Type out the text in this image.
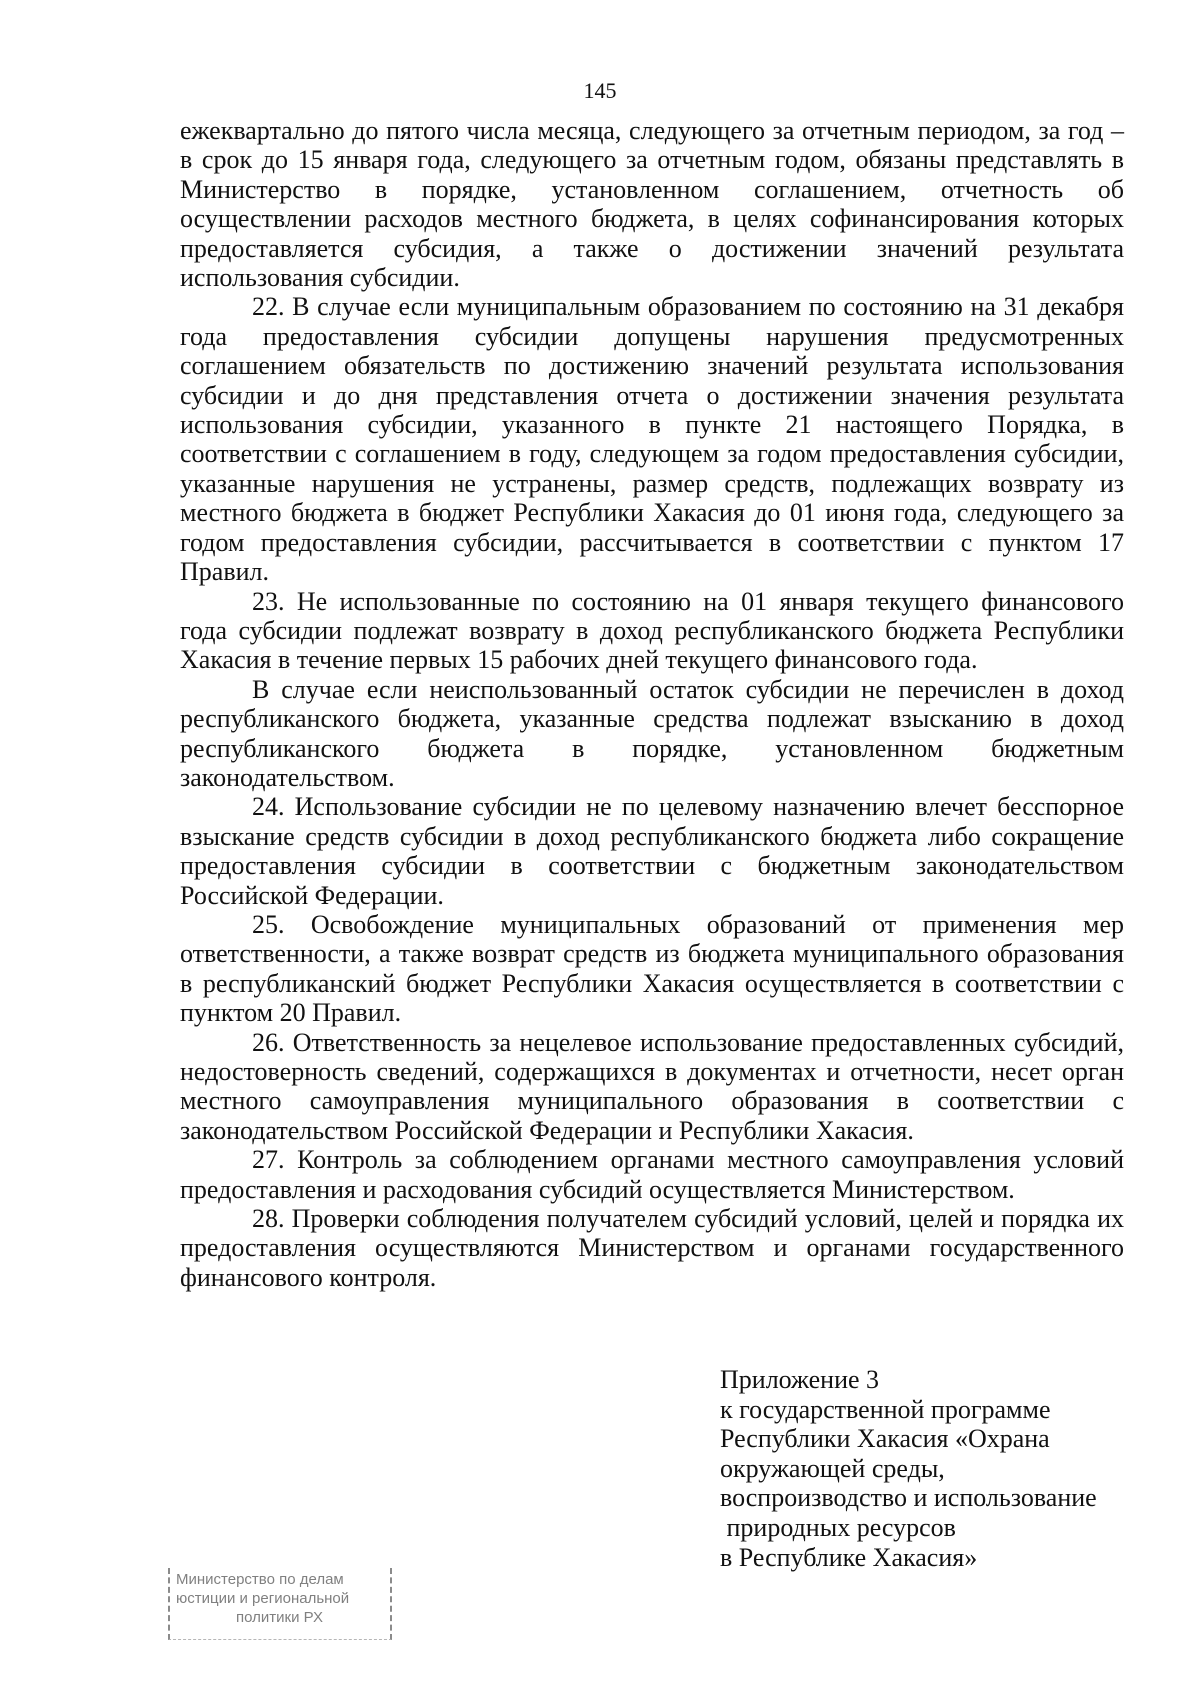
145

ежеквартально до пятого числа месяца, следующего за отчетным периодом, за год – в срок до 15 января года, следующего за отчетным годом, обязаны представлять в Министерство в порядке, установленном соглашением, отчетность об осуществлении расходов местного бюджета, в целях софинансирования которых предоставляется субсидия, а также о достижении значений результата использования субсидии.

22. В случае если муниципальным образованием по состоянию на 31 декабря года предоставления субсидии допущены нарушения предусмотренных соглашением обязательств по достижению значений результата использования субсидии и до дня представления отчета о достижении значения результата использования субсидии, указанного в пункте 21 настоящего Порядка, в соответствии с соглашением в году, следующем за годом предоставления субсидии, указанные нарушения не устранены, размер средств, подлежащих возврату из местного бюджета в бюджет Республики Хакасия до 01 июня года, следующего за годом предоставления субсидии, рассчитывается в соответствии с пунктом 17 Правил.

23. Не использованные по состоянию на 01 января текущего финансового года субсидии подлежат возврату в доход республиканского бюджета Республики Хакасия в течение первых 15 рабочих дней текущего финансового года.

В случае если неиспользованный остаток субсидии не перечислен в доход республиканского бюджета, указанные средства подлежат взысканию в доход республиканского бюджета в порядке, установленном бюджетным законодательством.

24. Использование субсидии не по целевому назначению влечет бесспорное взыскание средств субсидии в доход республиканского бюджета либо сокращение предоставления субсидии в соответствии с бюджетным законодательством Российской Федерации.

25. Освобождение муниципальных образований от применения мер ответственности, а также возврат средств из бюджета муниципального образования в республиканский бюджет Республики Хакасия осуществляется в соответствии с пунктом 20 Правил.

26. Ответственность за нецелевое использование предоставленных субсидий, недостоверность сведений, содержащихся в документах и отчетности, несет орган местного самоуправления муниципального образования в соответствии с законодательством Российской Федерации и Республики Хакасия.

27. Контроль за соблюдением органами местного самоуправления условий предоставления и расходования субсидий осуществляется Министерством.

28. Проверки соблюдения получателем субсидий условий, целей и порядка их предоставления осуществляются Министерством и органами государственного финансового контроля.

Приложение 3
к государственной программе
Республики Хакасия «Охрана
окружающей среды,
воспроизводство и использование
природных ресурсов
в Республике Хакасия»
Министерство по делам
юстиции и региональной
политики РХ
